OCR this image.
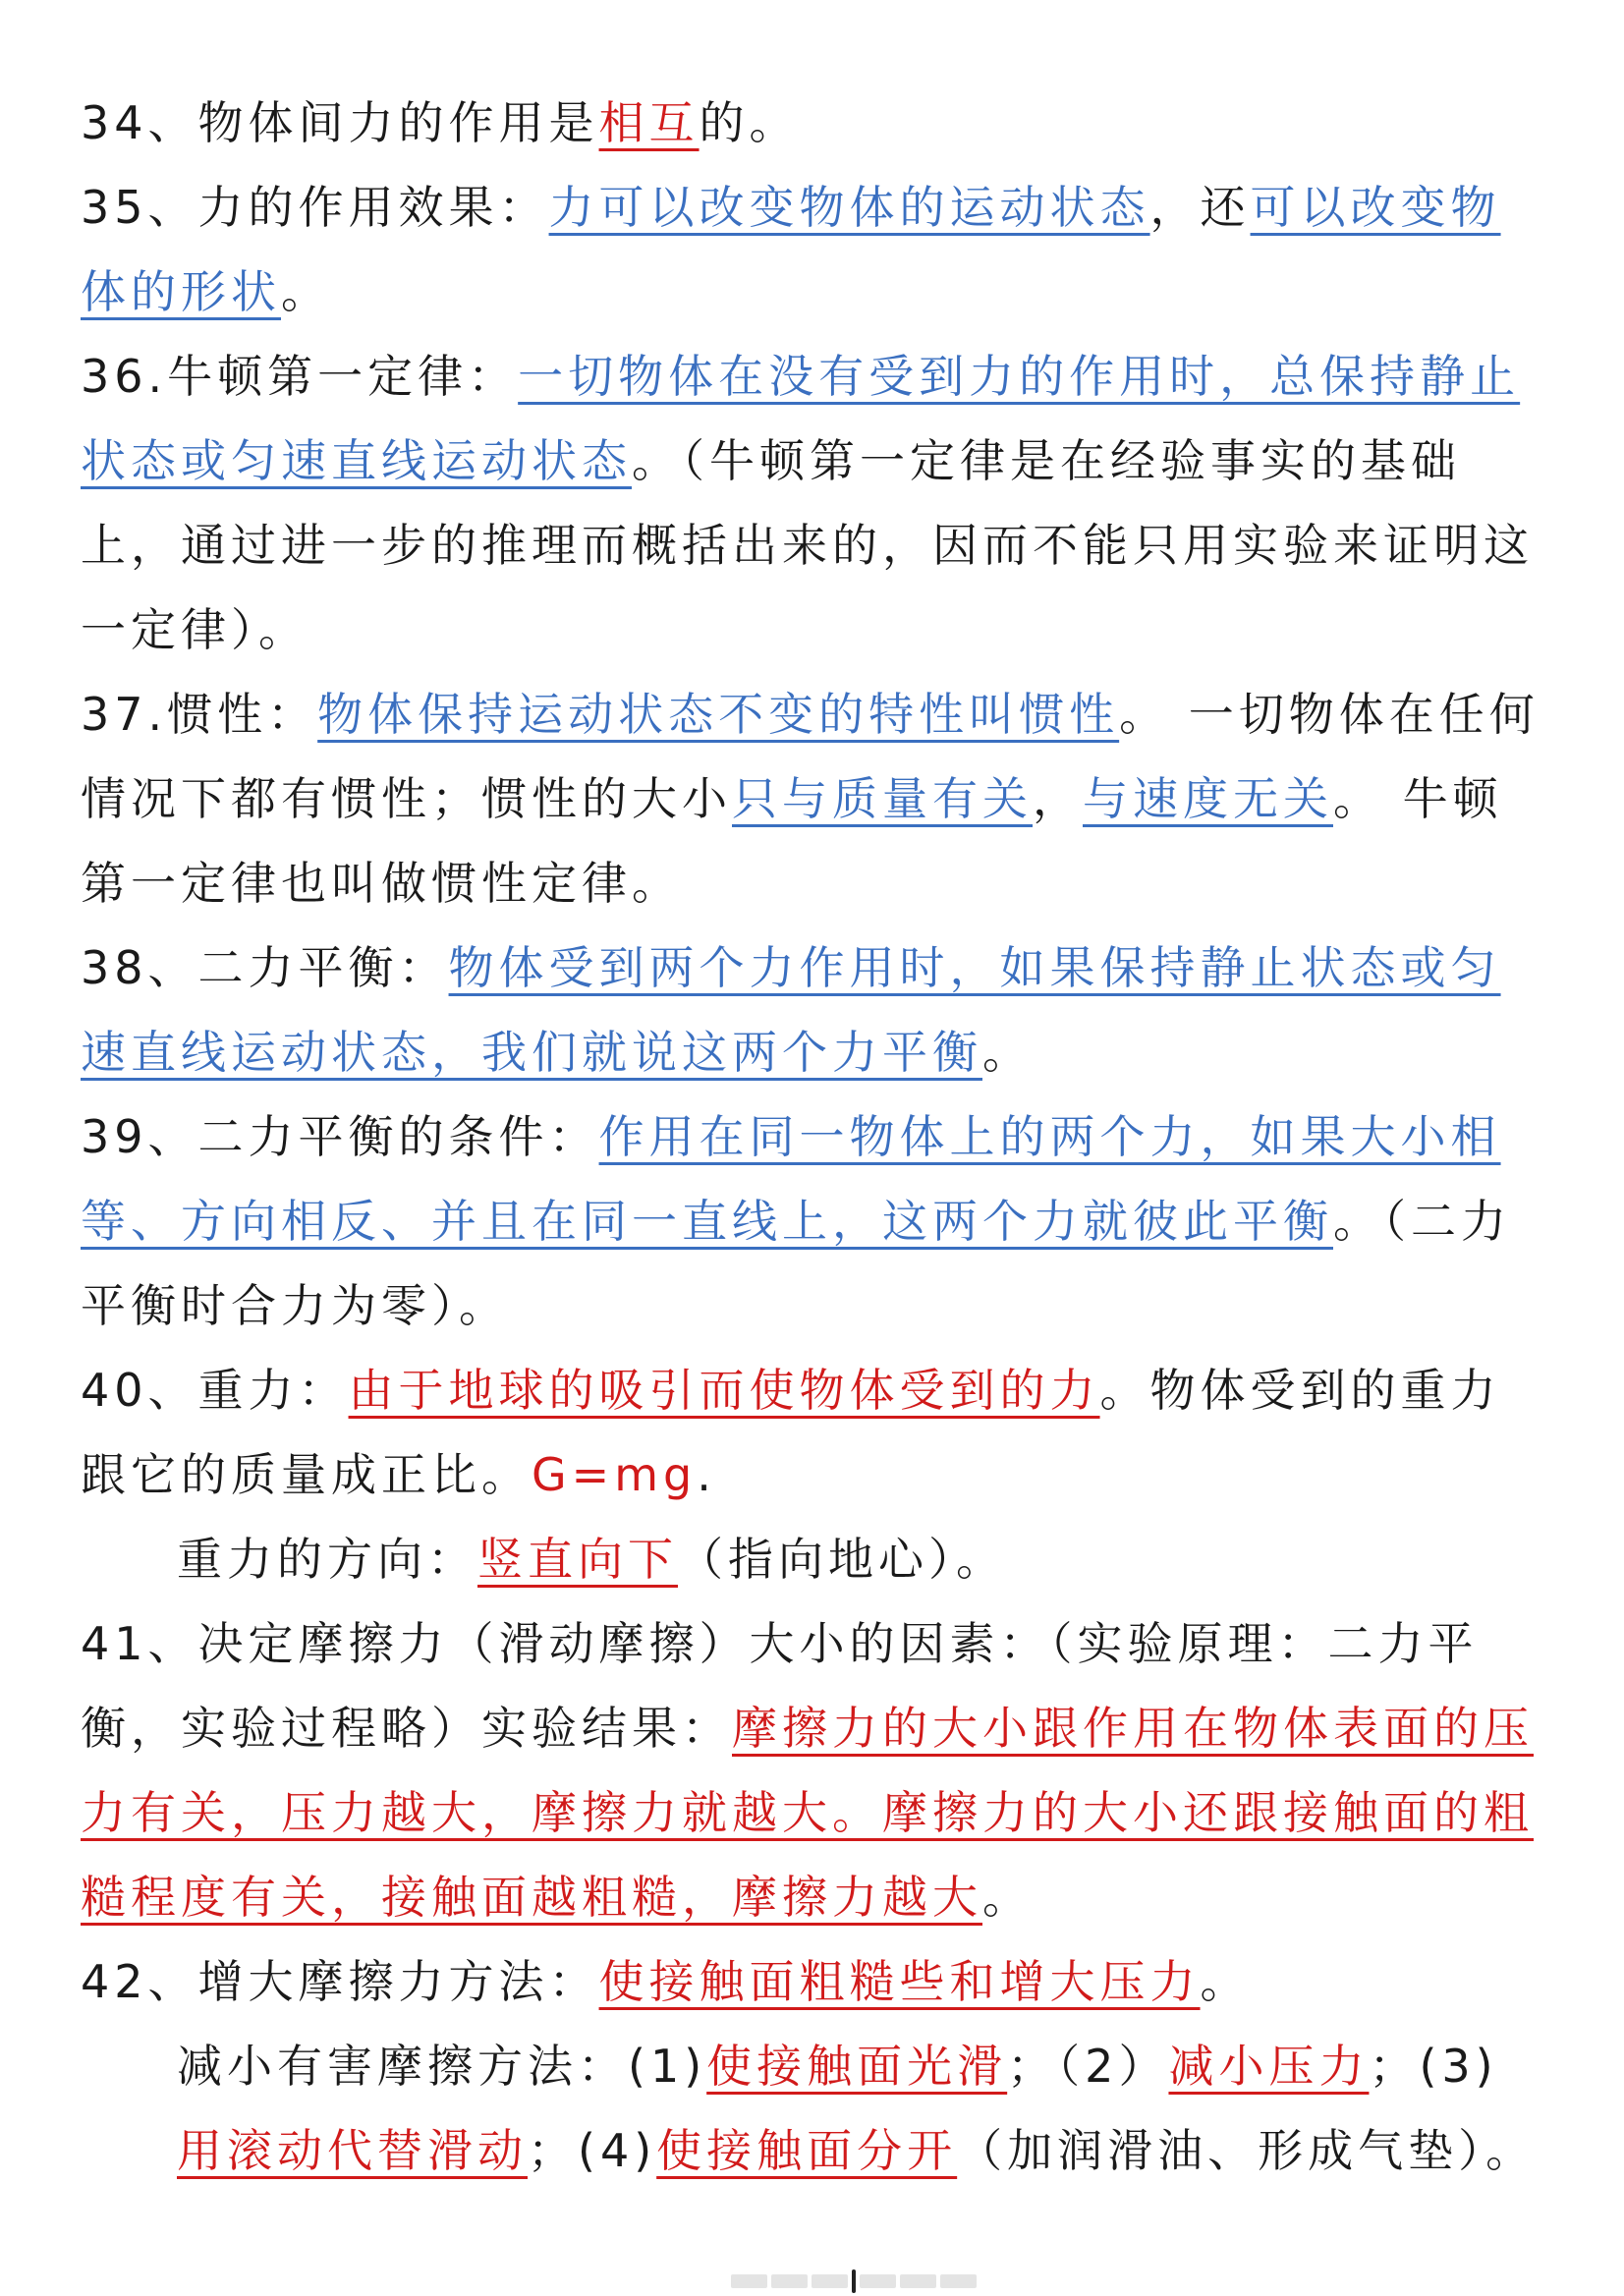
34、物体间力的作用是相互的。

35、力的作用效果：力可以改变物体的运动状态，还可以改变物体的形状。

36.牛顿第一定律：一切物体在没有受到力的作用时，总保持静止状态或匀速直线运动状态。（牛顿第一定律是在经验事实的基础上，通过进一步的推理而概括出来的，因而不能只用实验来证明这一定律）。

37.惯性：物体保持运动状态不变的特性叫惯性。 一切物体在任何情况下都有惯性；惯性的大小只与质量有关，与速度无关。 牛顿第一定律也叫做惯性定律。

38、二力平衡：物体受到两个力作用时，如果保持静止状态或匀速直线运动状态，我们就说这两个力平衡。

39、二力平衡的条件：作用在同一物体上的两个力，如果大小相等、方向相反、并且在同一直线上，这两个力就彼此平衡。（二力平衡时合力为零）。

40、重力：由于地球的吸引而使物体受到的力。物体受到的重力跟它的质量成正比。G=mg.

重力的方向：竖直向下（指向地心）。

41、决定摩擦力（滑动摩擦）大小的因素：（实验原理：二力平衡，实验过程略）实验结果：摩擦力的大小跟作用在物体表面的压力有关，压力越大，摩擦力就越大。摩擦力的大小还跟接触面的粗糙程度有关，接触面越粗糙，摩擦力越大。

42、增大摩擦力方法：使接触面粗糙些和增大压力。

减小有害摩擦方法：(1)使接触面光滑；（2）减小压力；(3)用滚动代替滑动；(4)使接触面分开（加润滑油、形成气垫）。
